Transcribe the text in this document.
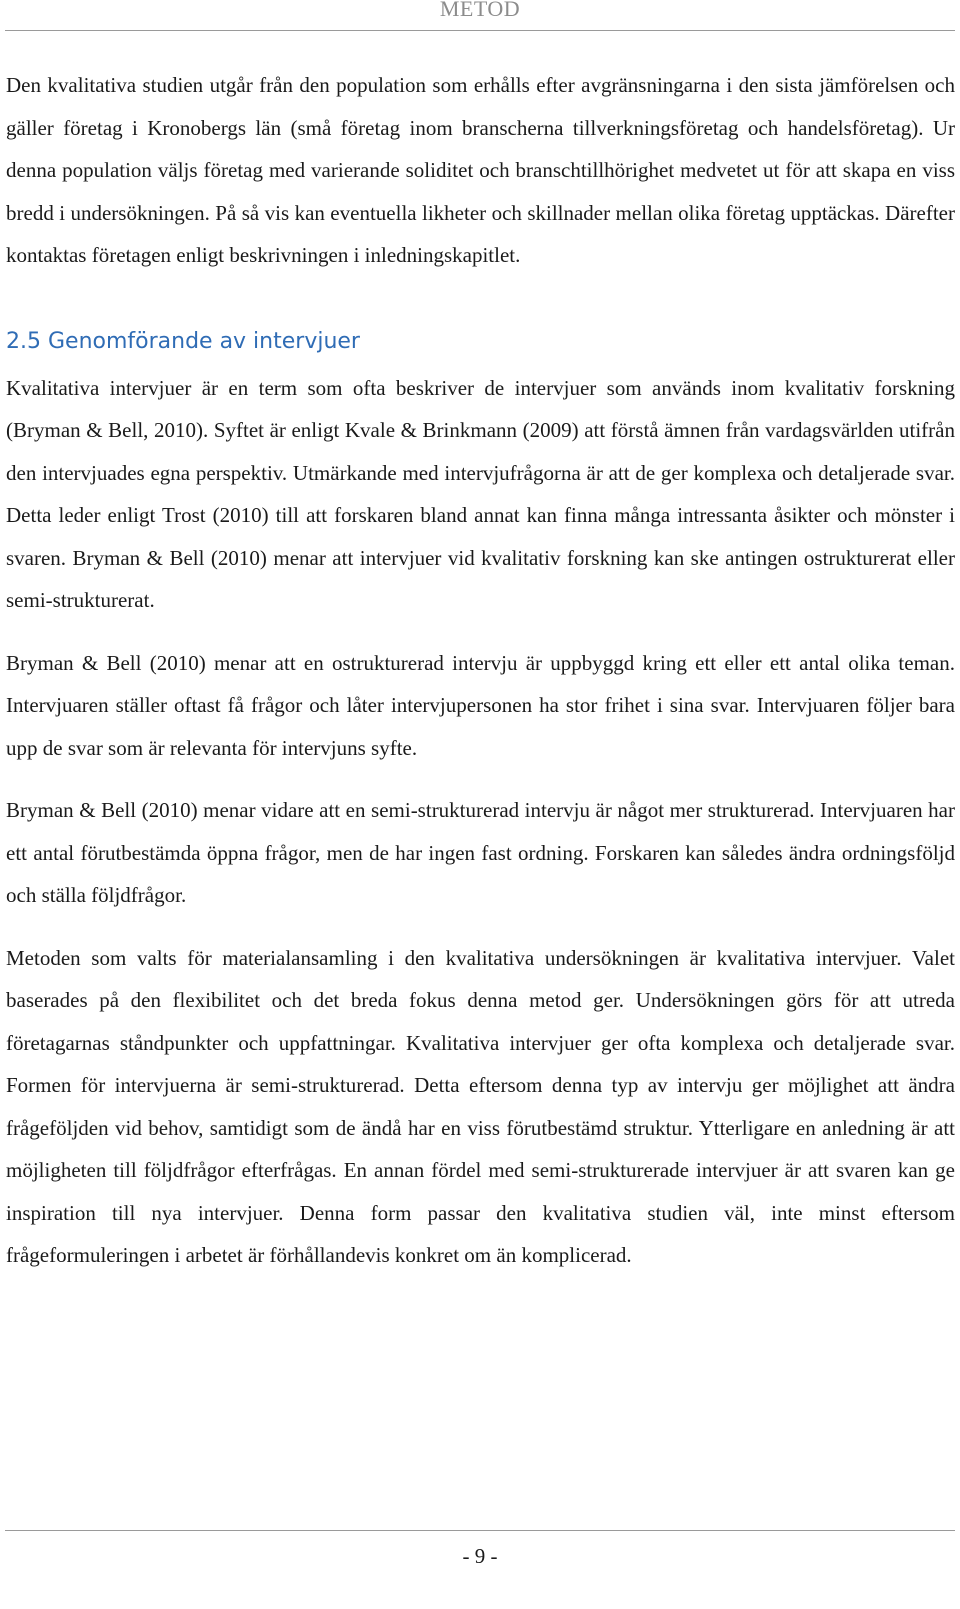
METOD

Den kvalitativa studien utgår från den population som erhålls efter avgränsningarna i den sista jämförelsen och gäller företag i Kronobergs län (små företag inom branscherna tillverkningsföretag och handelsföretag). Ur denna population väljs företag med varierande soliditet och branschtillhörighet medvetet ut för att skapa en viss bredd i undersökningen. På så vis kan eventuella likheter och skillnader mellan olika företag upptäckas. Därefter kontaktas företagen enligt beskrivningen i inledningskapitlet.

2.5 Genomförande av intervjuer

Kvalitativa intervjuer är en term som ofta beskriver de intervjuer som används inom kvalitativ forskning (Bryman & Bell, 2010). Syftet är enligt Kvale & Brinkmann (2009) att förstå ämnen från vardagsvärlden utifrån den intervjuades egna perspektiv. Utmärkande med intervjufrågorna är att de ger komplexa och detaljerade svar. Detta leder enligt Trost (2010) till att forskaren bland annat kan finna många intressanta åsikter och mönster i svaren. Bryman & Bell (2010) menar att intervjuer vid kvalitativ forskning kan ske antingen ostrukturerat eller semi-strukturerat.

Bryman & Bell (2010) menar att en ostrukturerad intervju är uppbyggd kring ett eller ett antal olika teman. Intervjuaren ställer oftast få frågor och låter intervjupersonen ha stor frihet i sina svar. Intervjuaren följer bara upp de svar som är relevanta för intervjuns syfte.

Bryman & Bell (2010) menar vidare att en semi-strukturerad intervju är något mer strukturerad. Intervjuaren har ett antal förutbestämda öppna frågor, men de har ingen fast ordning. Forskaren kan således ändra ordningsföljd och ställa följdfrågor.

Metoden som valts för materialansamling i den kvalitativa undersökningen är kvalitativa intervjuer. Valet baserades på den flexibilitet och det breda fokus denna metod ger. Undersökningen görs för att utreda företagarnas ståndpunkter och uppfattningar. Kvalitativa intervjuer ger ofta komplexa och detaljerade svar. Formen för intervjuerna är semi-strukturerad. Detta eftersom denna typ av intervju ger möjlighet att ändra frågeföljden vid behov, samtidigt som de ändå har en viss förutbestämd struktur. Ytterligare en anledning är att möjligheten till följdfrågor efterfrågas. En annan fördel med semi-strukturerade intervjuer är att svaren kan ge inspiration till nya intervjuer. Denna form passar den kvalitativa studien väl, inte minst eftersom frågeformuleringen i arbetet är förhållandevis konkret om än komplicerad.

- 9 -
